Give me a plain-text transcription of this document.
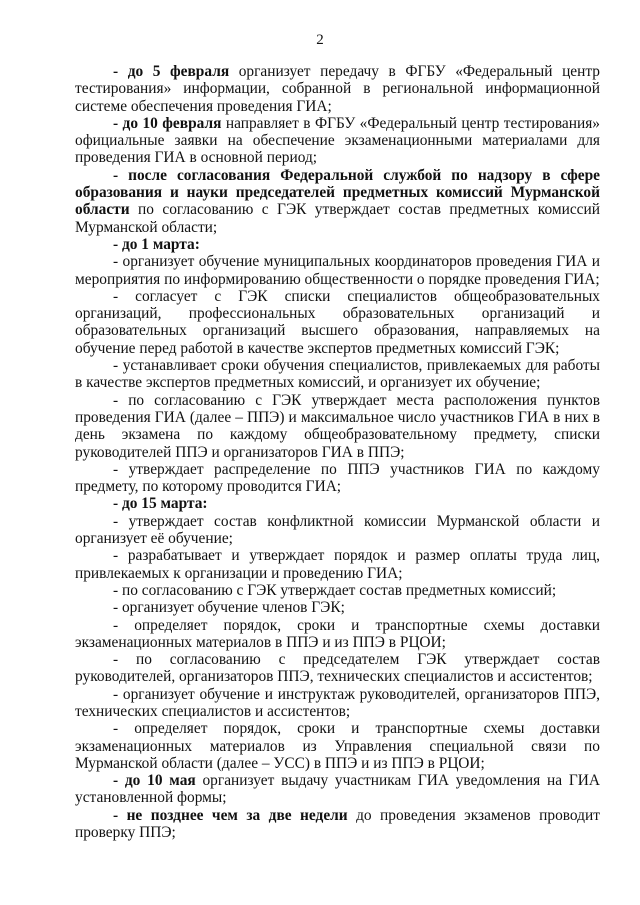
2

- до 5 февраля организует передачу в ФГБУ «Федеральный центр тестирования» информации, собранной в региональной информационной системе обеспечения проведения ГИА;

- до 10 февраля направляет в ФГБУ «Федеральный центр тестирования» официальные заявки на обеспечение экзаменационными материалами для проведения ГИА в основной период;

- после согласования Федеральной службой по надзору в сфере образования и науки председателей предметных комиссий Мурманской области по согласованию с ГЭК утверждает состав предметных комиссий Мурманской области;

- до 1 марта:

- организует обучение муниципальных координаторов проведения ГИА и мероприятия по информированию общественности о порядке проведения ГИА;

- согласует с ГЭК списки специалистов общеобразовательных организаций, профессиональных образовательных организаций и образовательных организаций высшего образования, направляемых на обучение перед работой в качестве экспертов предметных комиссий ГЭК;

- устанавливает сроки обучения специалистов, привлекаемых для работы в качестве экспертов предметных комиссий, и организует их обучение;

- по согласованию с ГЭК утверждает места расположения пунктов проведения ГИА (далее – ППЭ) и максимальное число участников ГИА в них в день экзамена по каждому общеобразовательному предмету, списки руководителей ППЭ и организаторов ГИА в ППЭ;

- утверждает распределение по ППЭ участников ГИА по каждому предмету, по которому проводится ГИА;

- до 15 марта:

- утверждает состав конфликтной комиссии Мурманской области и организует её обучение;

- разрабатывает и утверждает порядок и размер оплаты труда лиц, привлекаемых к организации и проведению ГИА;

- по согласованию с ГЭК утверждает состав предметных комиссий;

- организует обучение членов ГЭК;

- определяет порядок, сроки и транспортные схемы доставки экзаменационных материалов в ППЭ и из ППЭ в РЦОИ;

- по согласованию с председателем ГЭК утверждает состав руководителей, организаторов ППЭ, технических специалистов и ассистентов;

- организует обучение и инструктаж руководителей, организаторов ППЭ, технических специалистов и ассистентов;

- определяет порядок, сроки и транспортные схемы доставки экзаменационных материалов из Управления специальной связи по Мурманской области (далее – УСС) в ППЭ и из ППЭ в РЦОИ;

- до 10 мая организует выдачу участникам ГИА уведомления на ГИА установленной формы;

- не позднее чем за две недели до проведения экзаменов проводит проверку ППЭ;
